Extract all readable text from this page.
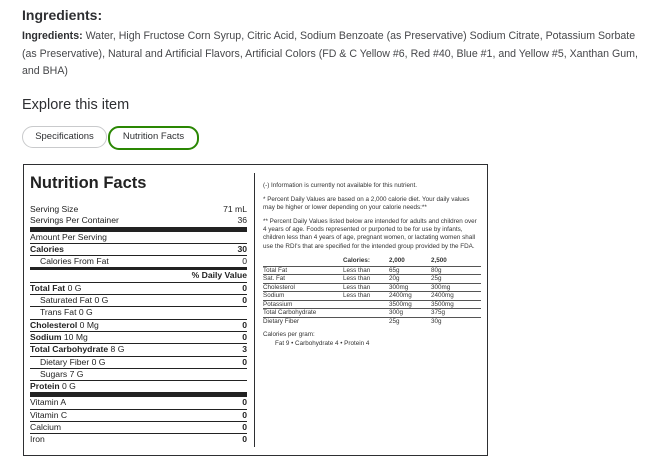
Ingredients:
Ingredients: Water, High Fructose Corn Syrup, Citric Acid, Sodium Benzoate (as Preservative) Sodium Citrate, Potassium Sorbate (as Preservative), Natural and Artificial Flavors, Artificial Colors (FD & C Yellow #6, Red #40, Blue #1, and Yellow #5, Xanthan Gum, and BHA)
Explore this item
Specifications	Nutrition Facts
Nutrition Facts
Serving Size	71 mL
Servings Per Container	36
Amount Per Serving
Calories	30
Calories From Fat	0
% Daily Value
Total Fat 0 G	0
Saturated Fat 0 G	0
Trans Fat 0 G
Cholesterol 0 Mg	0
Sodium 10 Mg	0
Total Carbohydrate 8 G	3
Dietary Fiber 0 G	0
Sugars 7 G
Protein 0 G
Vitamin A	0
Vitamin C	0
Calcium	0
Iron	0

(-) Information is currently not available for this nutrient.

* Percent Daily Values are based on a 2,000 calorie diet. Your daily values may be higher or lower depending on your calorie needs:**

** Percent Daily Values listed below are intended for adults and children over 4 years of age. Foods represented or purported to be for use by infants, children less than 4 years of age, pregnant women, or lactating women shall use the RDI's that are specified for the intended group provided by the FDA.

	Calories:	2,000	2,500
Total Fat	Less than	65g	80g
Sat. Fat	Less than	20g	25g
Cholesterol	Less than	300mg	300mg
Sodium	Less than	2400mg	2400mg
Potassium		3500mg	3500mg
Total Carbohydrate		300g	375g
Dietary Fiber		25g	30g
Calories per gram:
Fat 9 • Carbohydrate 4 • Protein 4
